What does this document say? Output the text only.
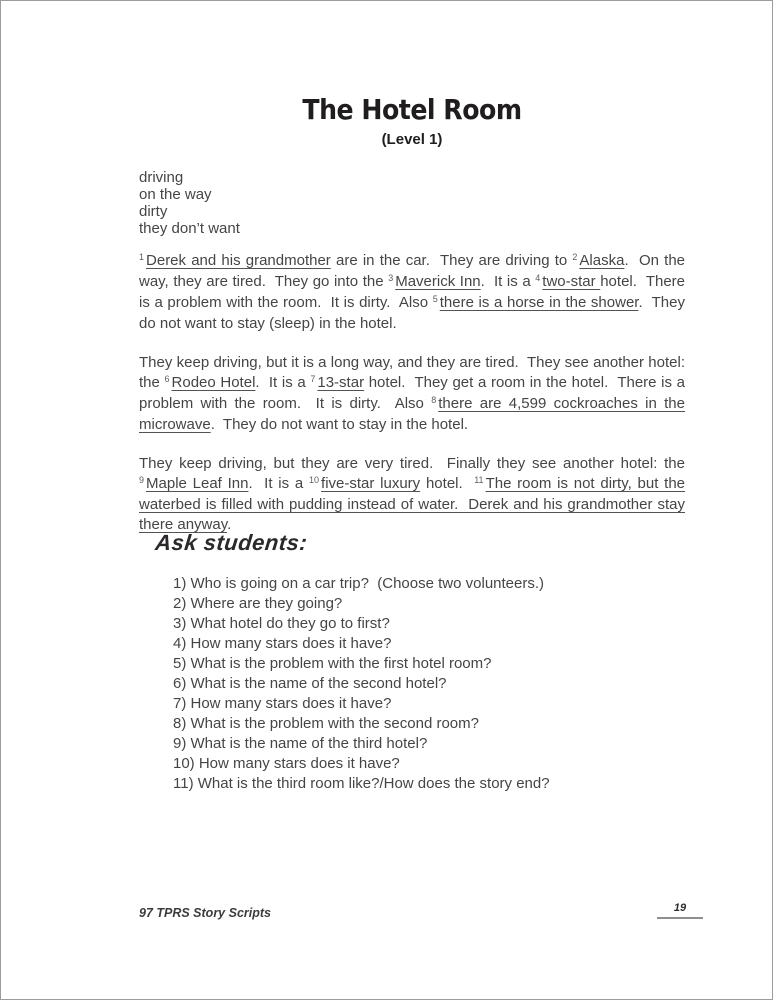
The Hotel Room
(Level 1)
driving
on the way
dirty
they don’t want

$^1$ Derek and his grandmother are in the car.  They are driving to $^2$ Alaska.  On the way, they are tired.  They go into the $^3$ Maverick Inn.  It is a $^4$ two-star hotel.  There is a problem with the room.  It is dirty.  Also $^5$ there is a horse in the shower.  They do not want to stay (sleep) in the hotel.

They keep driving, but it is a long way, and they are tired.  They see another hotel: the $^6$ Rodeo Hotel.  It is a $^7$ 13-star hotel.  They get a room in the hotel.  There is a problem with the room.  It is dirty.  Also $^8$ there are 4,599 cockroaches in the microwave.  They do not want to stay in the hotel.

They keep driving, but they are very tired.  Finally they see another hotel: the $^9$ Maple Leaf Inn.  It is a $^{10}$ five-star luxury hotel.  $^{11}$ The room is not dirty, but the waterbed is filled with pudding instead of water.  Derek and his grandmother stay there anyway.

Ask students:
1) Who is going on a car trip?  (Choose two volunteers.)
2) Where are they going?
3) What hotel do they go to first?
4) How many stars does it have?
5) What is the problem with the first hotel room?
6) What is the name of the second hotel?
7) How many stars does it have?
8) What is the problem with the second room?
9) What is the name of the third hotel?
10) How many stars does it have?
11) What is the third room like?/How does the story end?
97 TPRS Story Scripts	19
